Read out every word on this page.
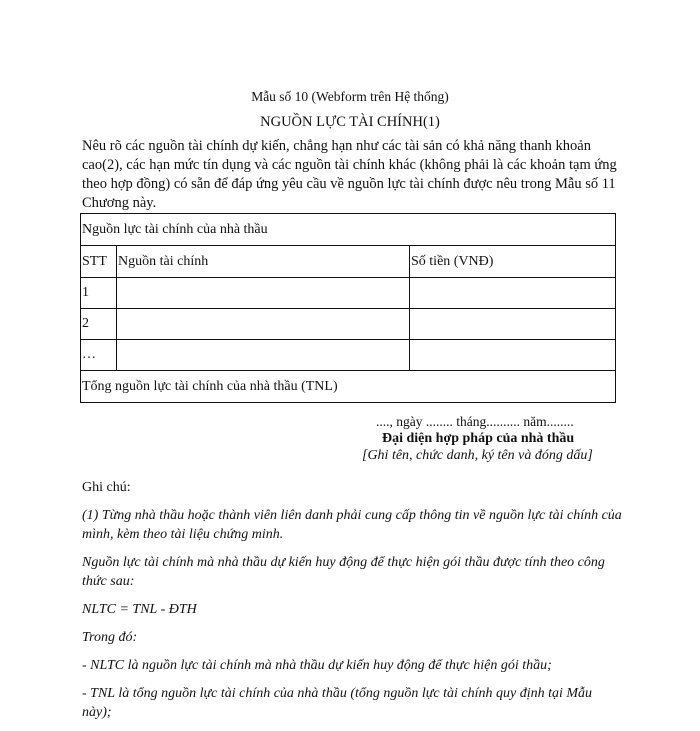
Mẫu số 10 (Webform trên Hệ thống)
NGUỒN LỰC TÀI CHÍNH(1)

Nêu rõ các nguồn tài chính dự kiến, chẳng hạn như các tài sản có khả năng thanh khoản cao(2), các hạn mức tín dụng và các nguồn tài chính khác (không phải là các khoản tạm ứng theo hợp đồng) có sẵn để đáp ứng yêu cầu về nguồn lực tài chính được nêu trong Mẫu số 11 Chương này.

Nguồn lực tài chính của nhà thầu		
STT	Nguồn tài chính	Số tiền (VNĐ)
1		
2		
…		
Tổng nguồn lực tài chính của nhà thầu (TNL)		
...., ngày ........ tháng.......... năm........
Đại diện hợp pháp của nhà thầu
[Ghi tên, chức danh, ký tên và đóng dấu]

Ghi chú:

(1) Từng nhà thầu hoặc thành viên liên danh phải cung cấp thông tin về nguồn lực tài chính của mình, kèm theo tài liệu chứng minh.

Nguồn lực tài chính mà nhà thầu dự kiến huy động để thực hiện gói thầu được tính theo công thức sau:

NLTC = TNL - ĐTH

Trong đó:

- NLTC là nguồn lực tài chính mà nhà thầu dự kiến huy động để thực hiện gói thầu;

- TNL là tổng nguồn lực tài chính của nhà thầu (tổng nguồn lực tài chính quy định tại Mẫu này);
